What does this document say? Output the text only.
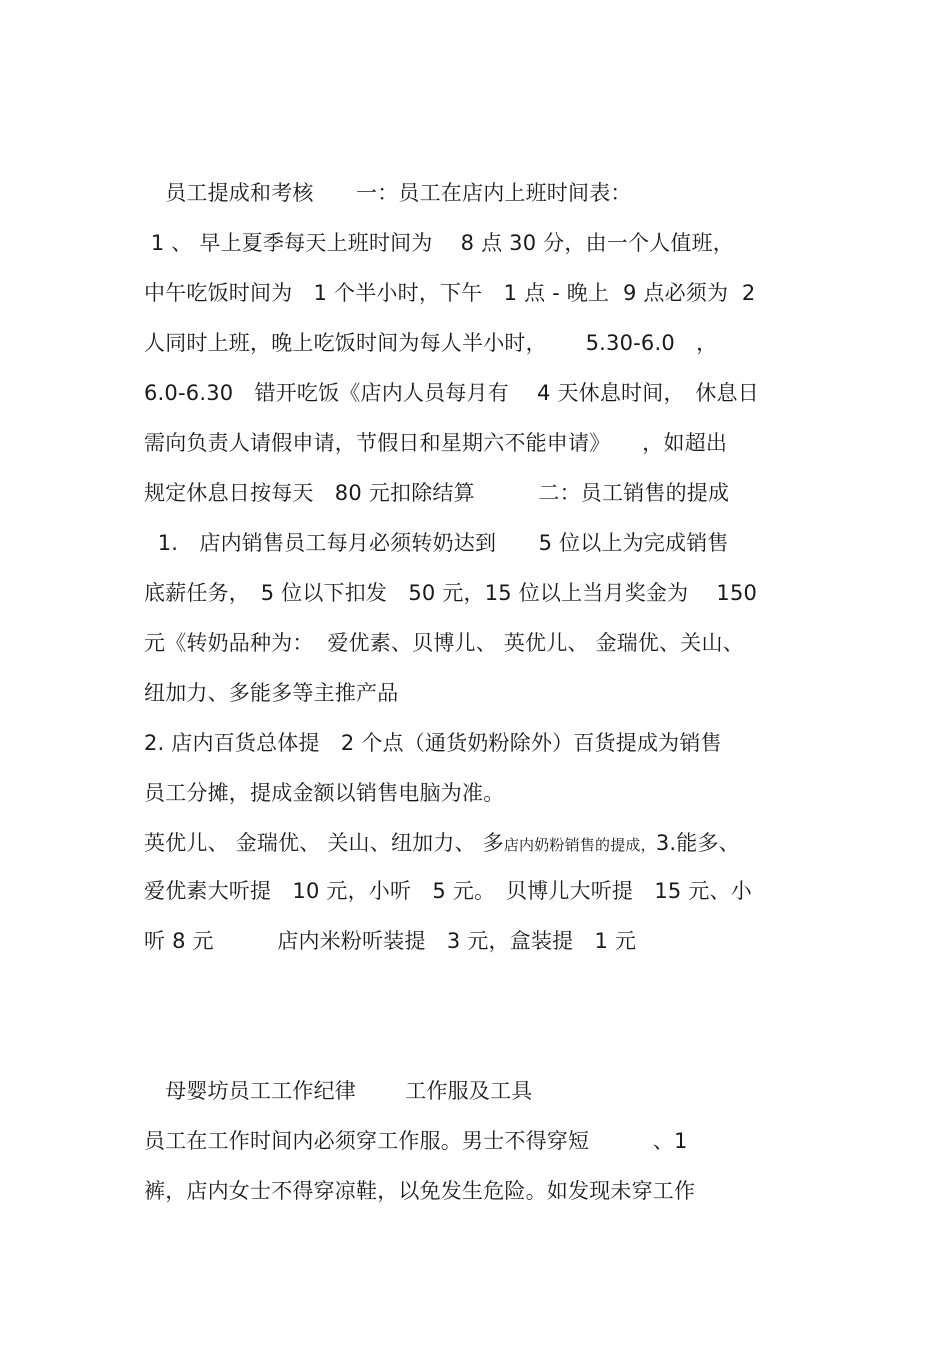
　员工提成和考核　　一：员工在店内上班时间表：
1 、 早上夏季每天上班时间为　 8 点 30 分，由一个人值班，
中午吃饭时间为　1 个半小时，下午　1 点 - 晚上  9 点必须为  2
人同时上班，晚上吃饭时间为每人半小时，　　 5.30-6.0　，
6.0-6.30　错开吃饭《店内人员每月有　 4 天休息时间，　休息日
需向负责人请假申请，节假日和星期六不能申请》　　，如超出
规定休息日按每天　80 元扣除结算　　　二：员工销售的提成
1.　店内销售员工每月必须转奶达到　　5 位以上为完成销售
底薪任务，　5 位以下扣发　50 元，15 位以上当月奖金为　 150
元《转奶品种为：  爱优素、贝博儿、 英优儿、 金瑞优、关山、
纽加力、多能多等主推产品
2. 店内百货总体提　2 个点（通货奶粉除外）百货提成为销售
员工分摊，提成金额以销售电脑为准。
英优儿、 金瑞优、 关山、纽加力、 多店内奶粉销售的提成，3.能多、
爱优素大听提　10 元，小听　5 元。　贝博儿大听提　15 元、小
听 8 元　　　店内米粉听装提　3 元，盒装提　1 元
　母婴坊员工工作纪律　　 工作服及工具
员工在工作时间内必须穿工作服。男士不得穿短　　　、1
裤，店内女士不得穿凉鞋，以免发生危险。如发现未穿工作
